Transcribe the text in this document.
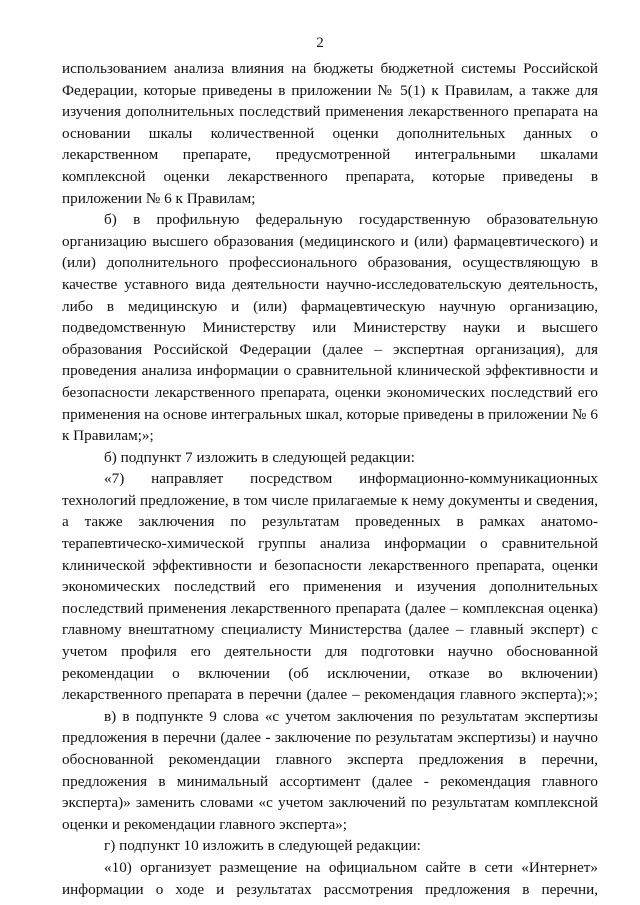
2
использованием анализа влияния на бюджеты бюджетной системы Российской
Федерации, которые приведены в приложении № 5(1) к Правилам, а также для
изучения дополнительных последствий применения лекарственного препарата на
основании шкалы количественной оценки дополнительных данных о
лекарственном препарате, предусмотренной интегральными шкалами
комплексной оценки лекарственного препарата, которые приведены в
приложении № 6 к Правилам;
б) в профильную федеральную государственную образовательную
организацию высшего образования (медицинского и (или) фармацевтического) и
(или) дополнительного профессионального образования, осуществляющую в
качестве уставного вида деятельности научно-исследовательскую деятельность,
либо в медицинскую и (или) фармацевтическую научную организацию,
подведомственную Министерству или Министерству науки и высшего
образования Российской Федерации (далее – экспертная организация), для
проведения анализа информации о сравнительной клинической эффективности и
безопасности лекарственного препарата, оценки экономических последствий его
применения на основе интегральных шкал, которые приведены в приложении № 6
к Правилам;»;
б) подпункт 7 изложить в следующей редакции:
«7) направляет посредством информационно-коммуникационных
технологий предложение, в том числе прилагаемые к нему документы и сведения,
а также заключения по результатам проведенных в рамках анатомо-
терапевтическо-химической группы анализа информации о сравнительной
клинической эффективности и безопасности лекарственного препарата, оценки
экономических последствий его применения и изучения дополнительных
последствий применения лекарственного препарата (далее – комплексная оценка)
главному внештатному специалисту Министерства (далее – главный эксперт) с
учетом профиля его деятельности для подготовки научно обоснованной
рекомендации о включении (об исключении, отказе во включении)
лекарственного препарата в перечни (далее – рекомендация главного эксперта);»;
в) в подпункте 9 слова «с учетом заключения по результатам экспертизы
предложения в перечни (далее - заключение по результатам экспертизы) и научно
обоснованной рекомендации главного эксперта предложения в перечни,
предложения в минимальный ассортимент (далее - рекомендация главного
эксперта)» заменить словами «с учетом заключений по результатам комплексной
оценки и рекомендации главного эксперта»;
г) подпункт 10 изложить в следующей редакции:
«10) организует размещение на официальном сайте в сети «Интернет»
информации о ходе и результатах рассмотрения предложения в перечни,
